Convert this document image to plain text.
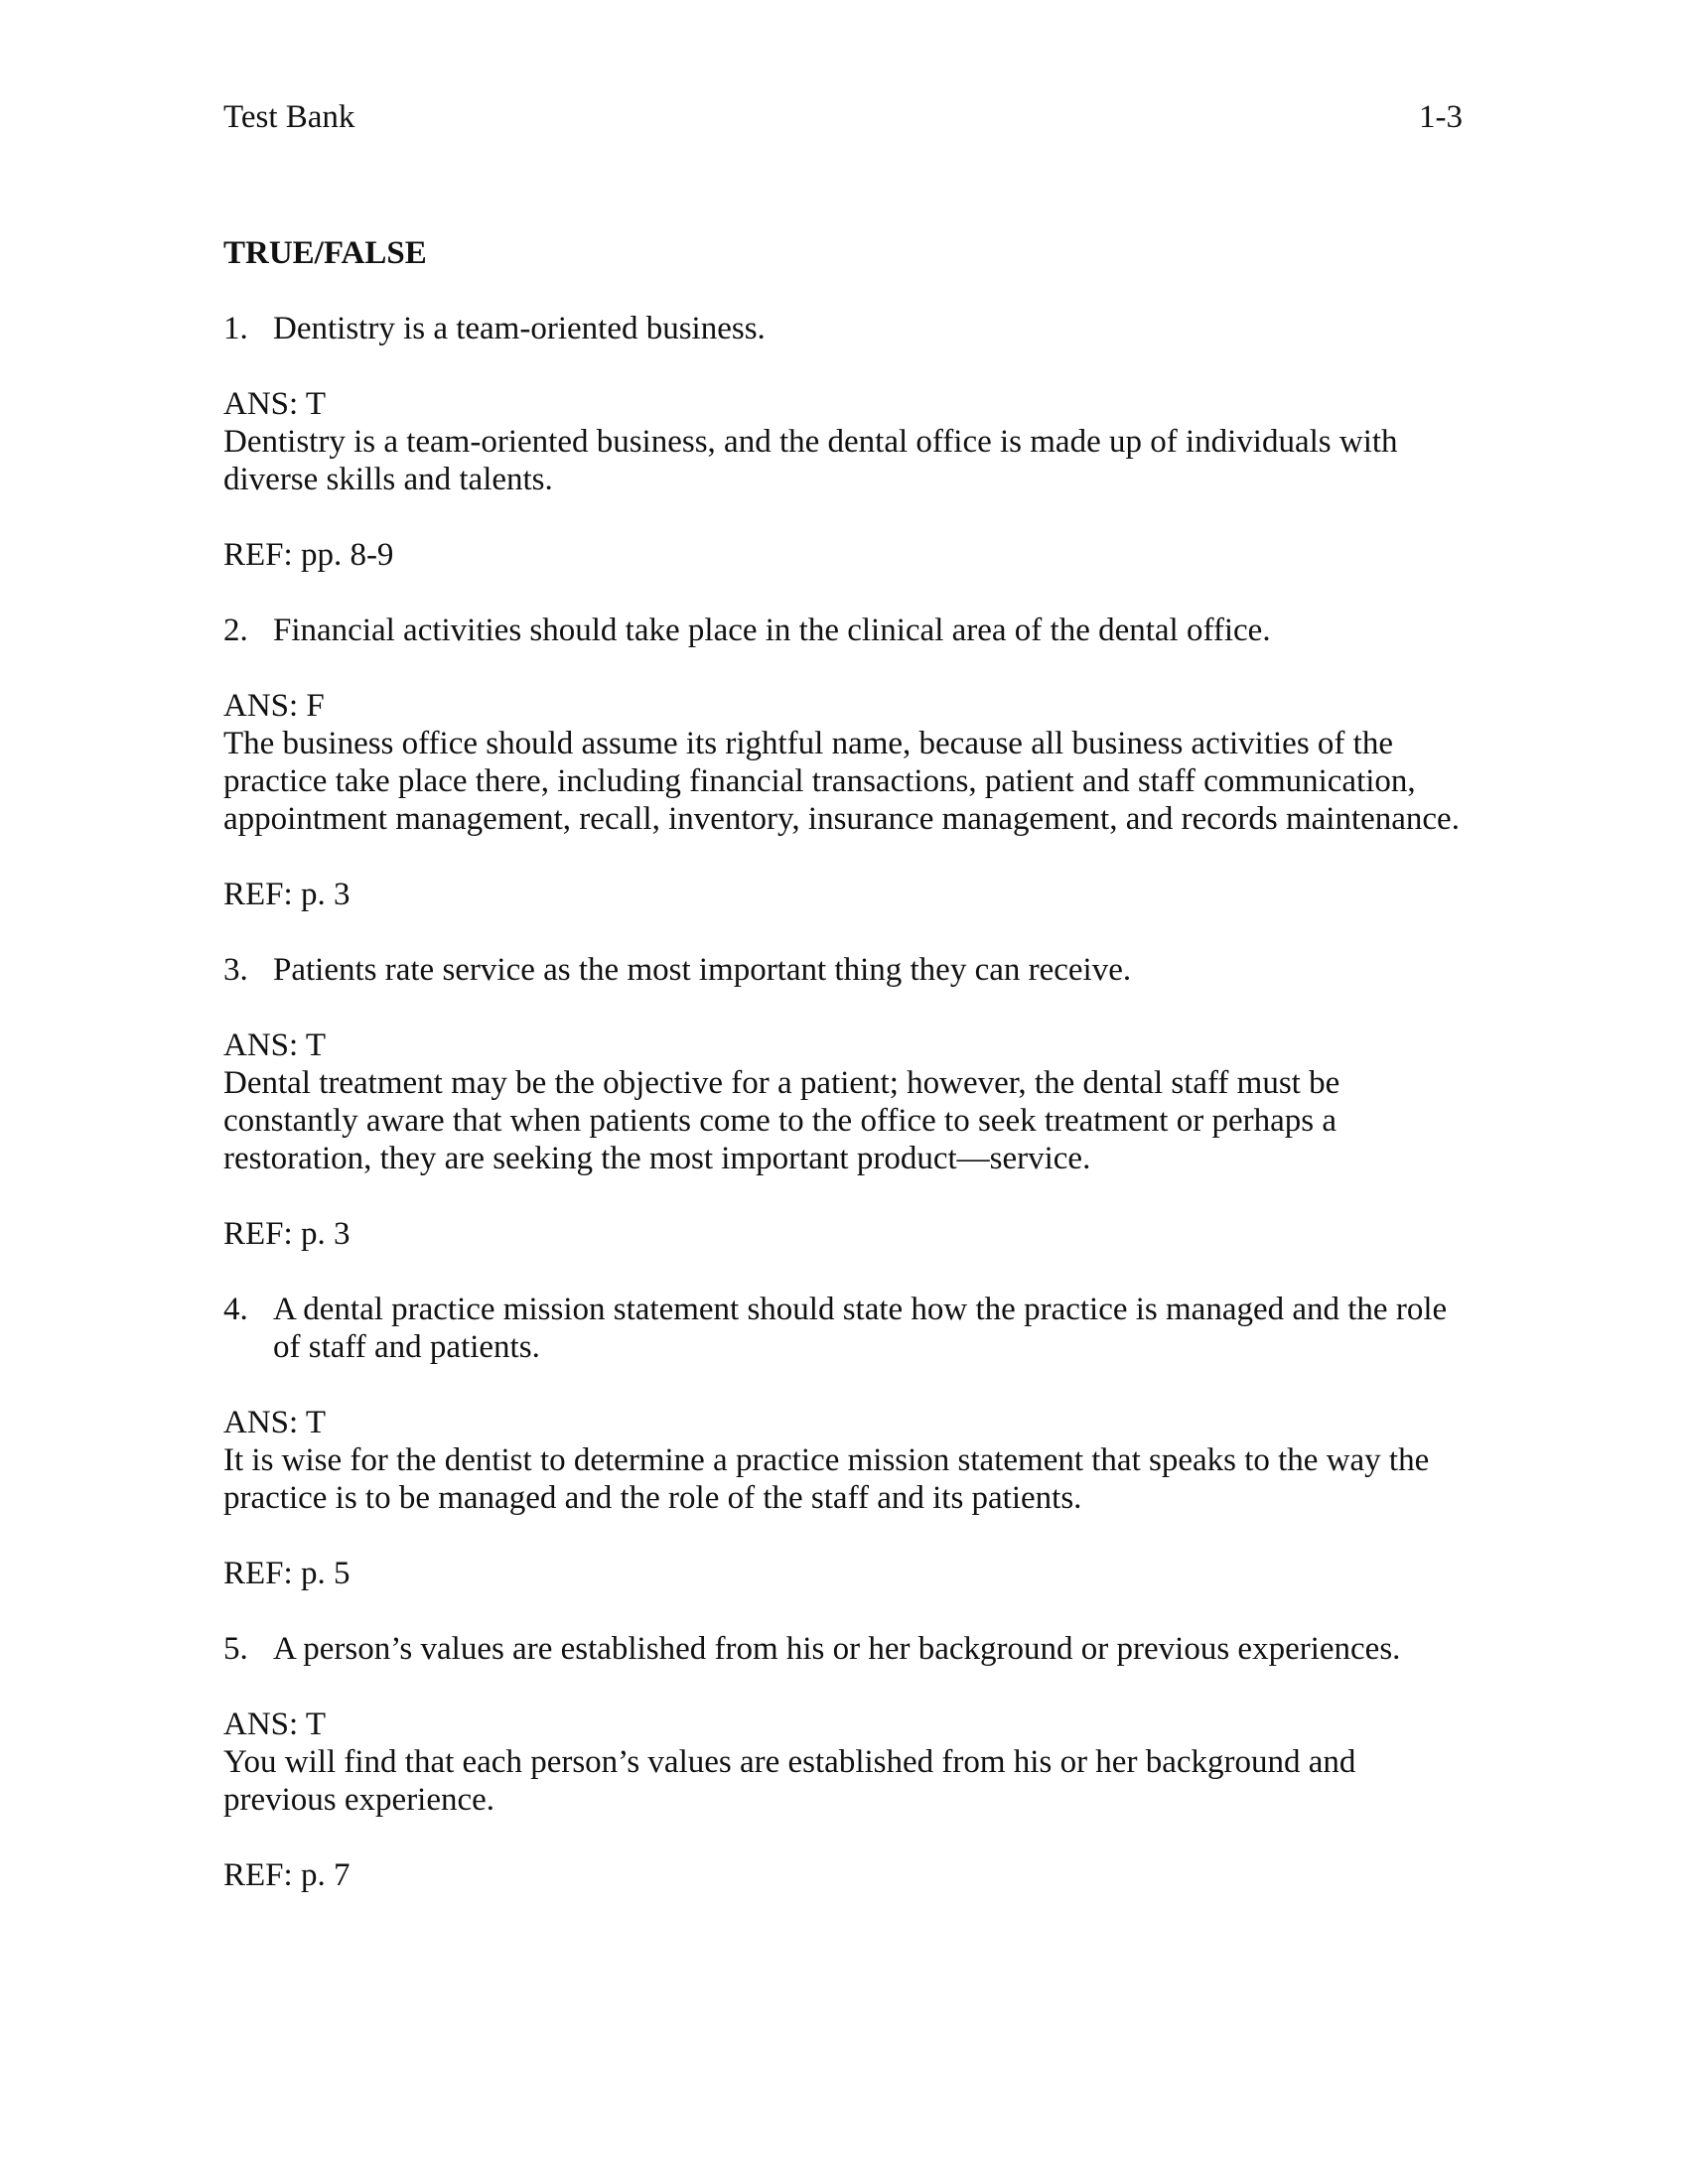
Test Bank	1-3
TRUE/FALSE
1. Dentistry is a team-oriented business.
ANS: T
Dentistry is a team-oriented business, and the dental office is made up of individuals with diverse skills and talents.
REF: pp. 8-9
2. Financial activities should take place in the clinical area of the dental office.
ANS: F
The business office should assume its rightful name, because all business activities of the practice take place there, including financial transactions, patient and staff communication, appointment management, recall, inventory, insurance management, and records maintenance.
REF: p. 3
3. Patients rate service as the most important thing they can receive.
ANS: T
Dental treatment may be the objective for a patient; however, the dental staff must be constantly aware that when patients come to the office to seek treatment or perhaps a restoration, they are seeking the most important product—service.
REF: p. 3
4. A dental practice mission statement should state how the practice is managed and the role of staff and patients.
ANS: T
It is wise for the dentist to determine a practice mission statement that speaks to the way the practice is to be managed and the role of the staff and its patients.
REF: p. 5
5. A person’s values are established from his or her background or previous experiences.
ANS: T
You will find that each person’s values are established from his or her background and previous experience.
REF: p. 7
